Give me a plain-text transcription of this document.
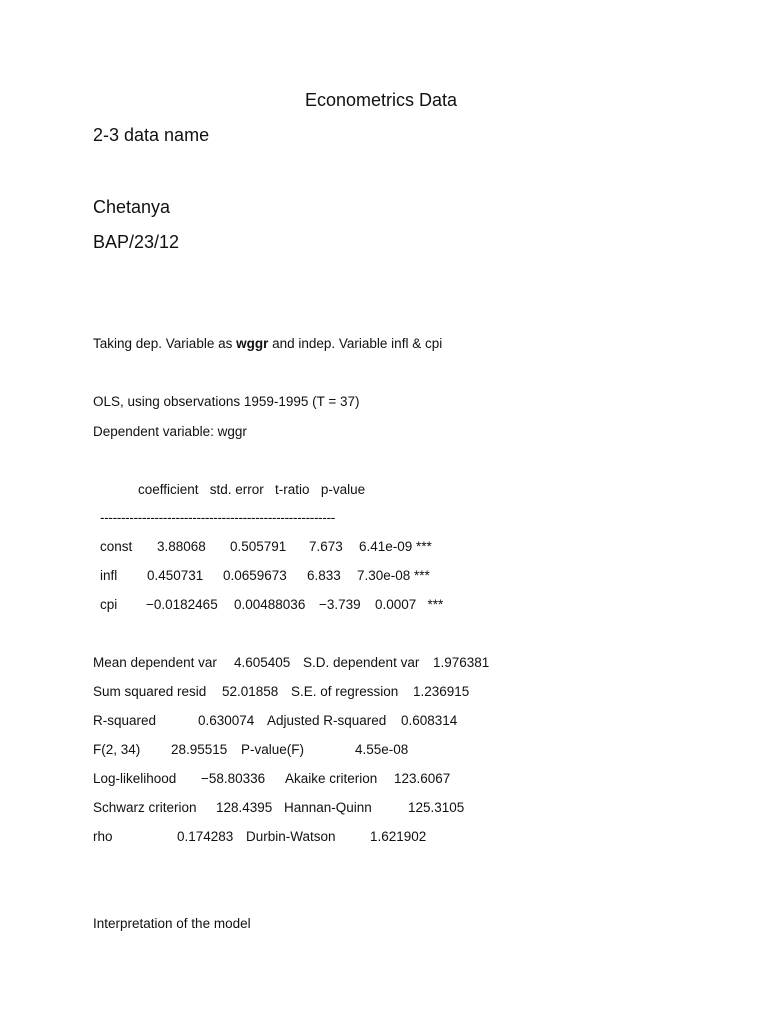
Econometrics Data
2-3 data name
Chetanya
BAP/23/12
Taking dep. Variable as wggr and indep. Variable infl & cpi
OLS, using observations 1959-1995 (T = 37)
Dependent variable: wggr
coefficient   std. error   t-ratio   p-value
--------------------------------------------------------
const 3.88068 0.505791 7.673 6.41e-09 ***
infl 0.450731 0.0659673 6.833 7.30e-08 ***
cpi −0.0182465 0.00488036 −3.739 0.0007   ***
Mean dependent var 4.605405 S.D. dependent var 1.976381
Sum squared resid 52.01858 S.E. of regression 1.236915
R-squared	0.630074 Adjusted R-squared 0.608314
F(2, 34) 28.95515 P-value(F)	4.55e-08
Log-likelihood −58.80336 Akaike criterion 123.6067
Schwarz criterion 128.4395 Hannan-Quinn	125.3105
rho	0.174283 Durbin-Watson	1.621902
Interpretation of the model
